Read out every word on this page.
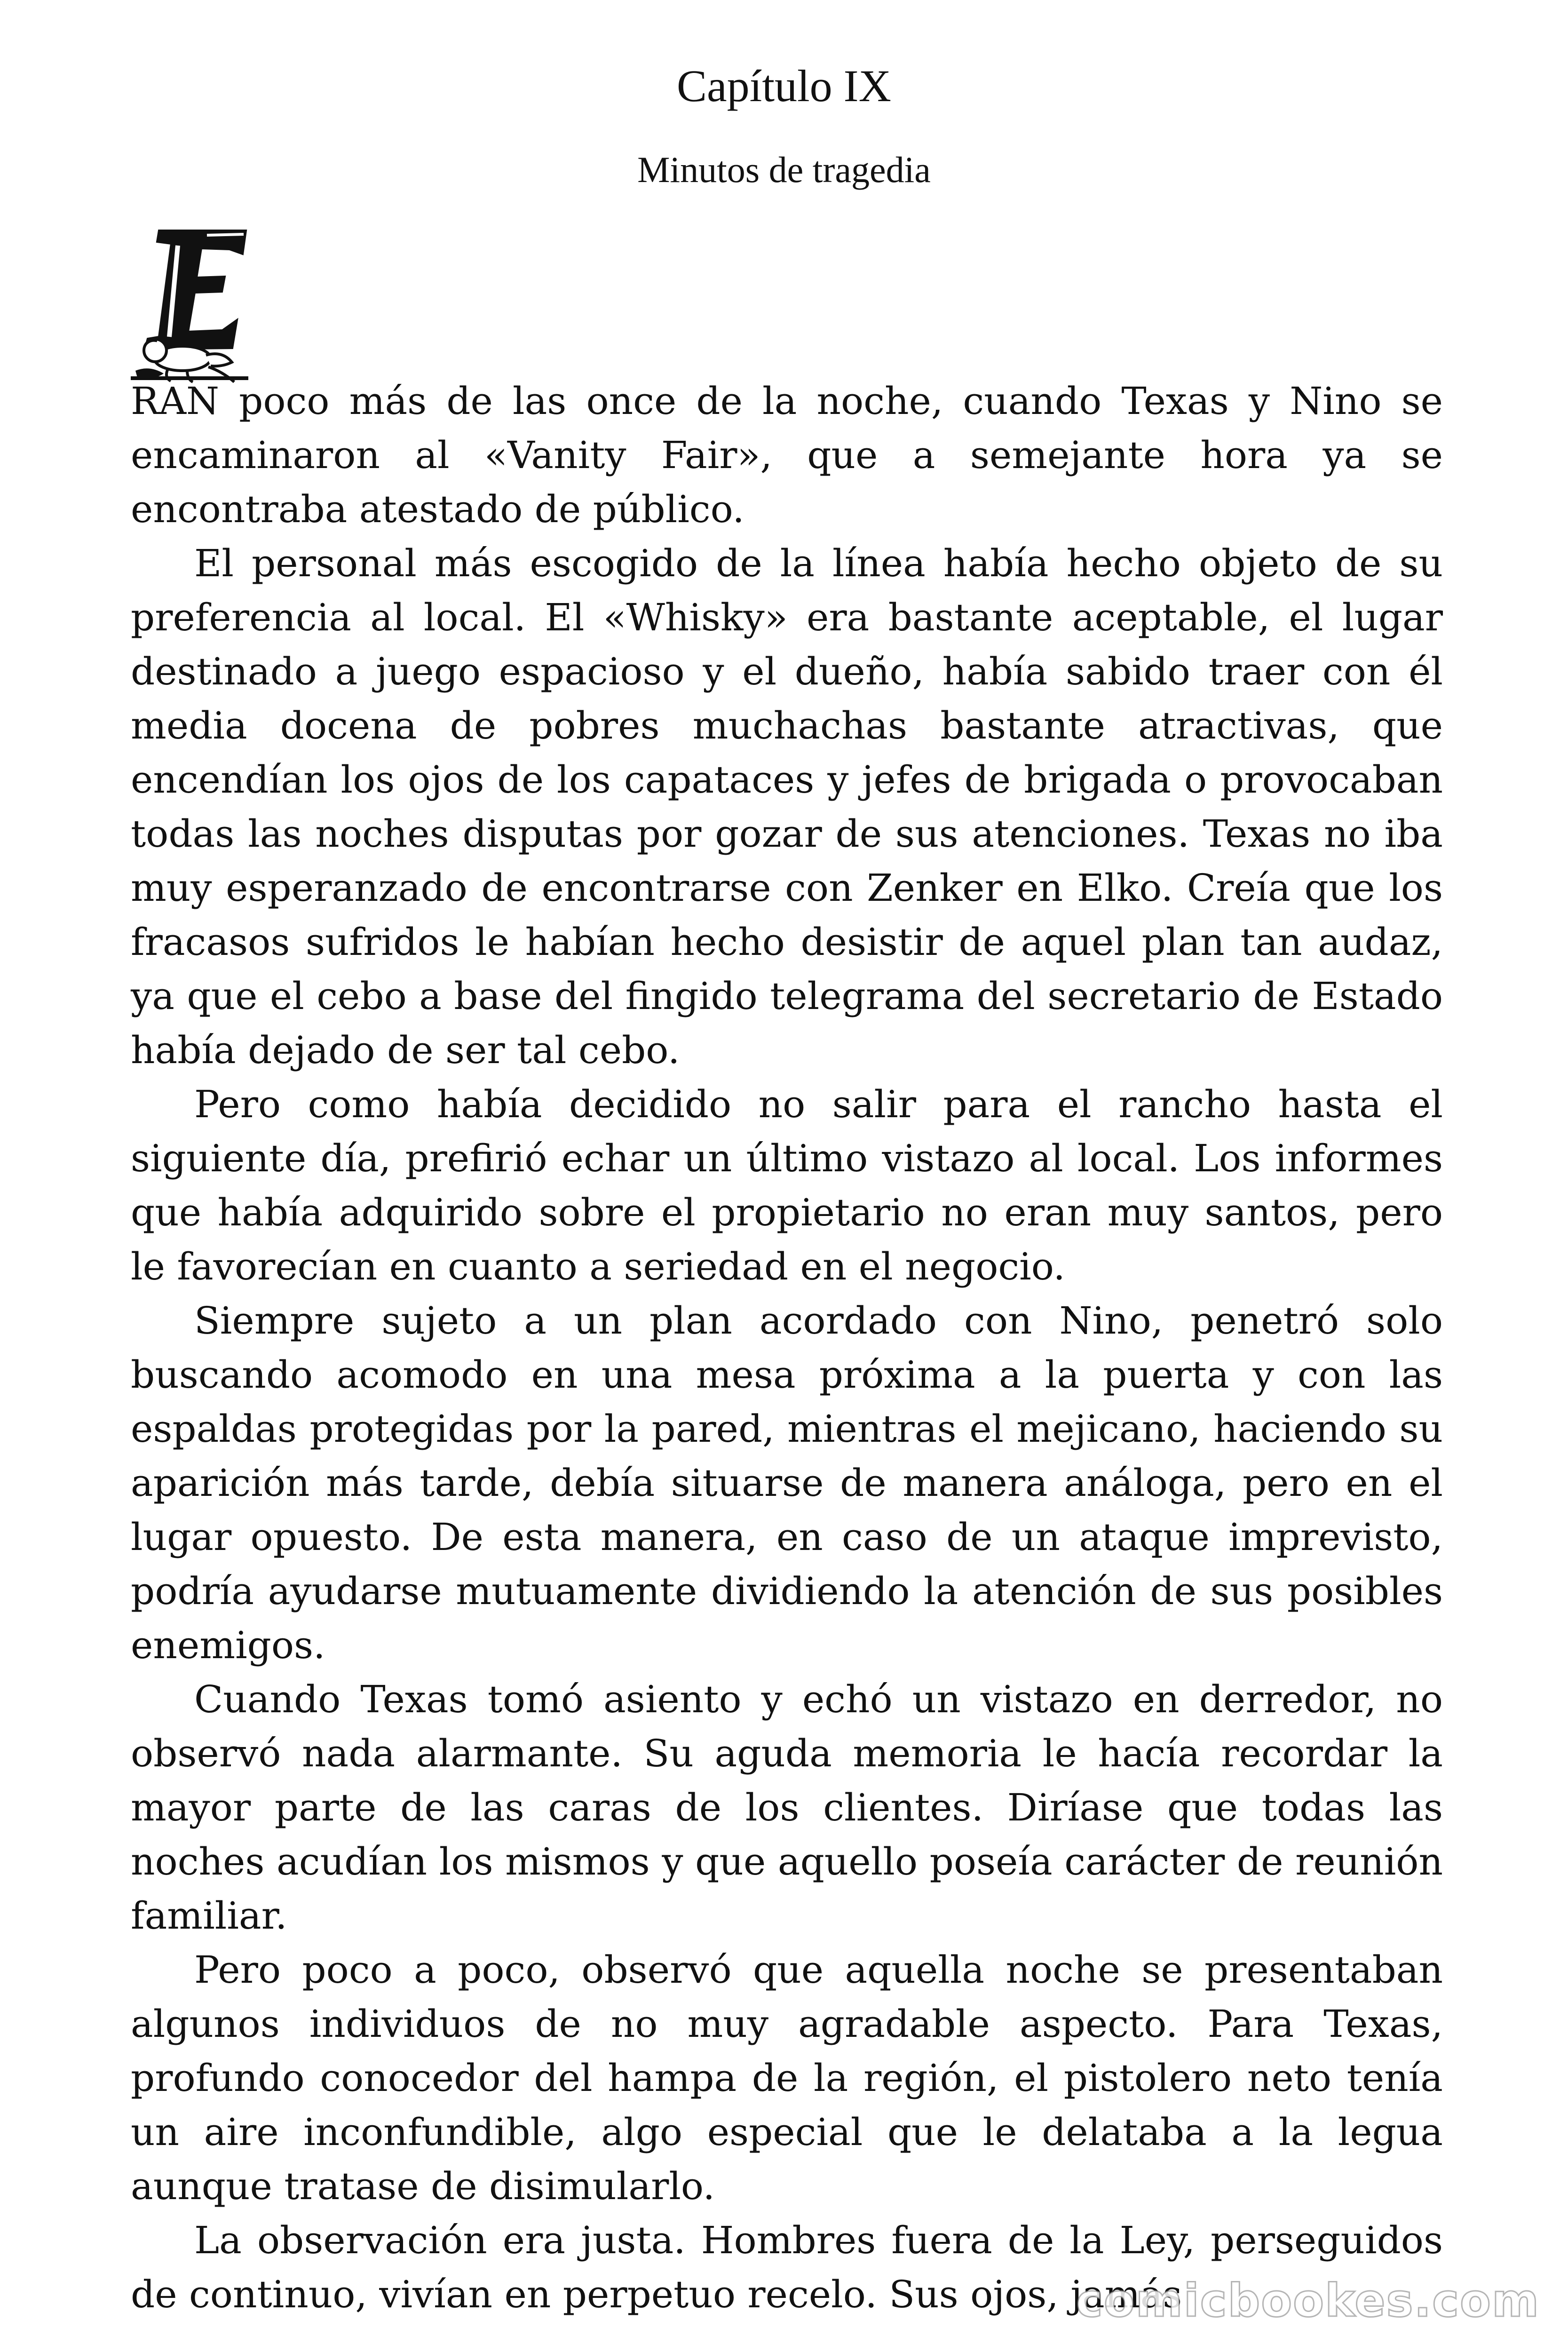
Capítulo IX
Minutos de tragedia

RAN poco más de las once de la noche, cuando Texas y Nino se encaminaron al «Vanity Fair», que a semejante hora ya se encontraba atestado de público.

El personal más escogido de la línea había hecho objeto de su preferencia al local. El «Whisky» era bastante aceptable, el lugar destinado a juego espacioso y el dueño, había sabido traer con él media docena de pobres muchachas bastante atractivas, que encendían los ojos de los capataces y jefes de brigada o provocaban todas las noches disputas por gozar de sus atenciones. Texas no iba muy esperanzado de encontrarse con Zenker en Elko. Creía que los fracasos sufridos le habían hecho desistir de aquel plan tan audaz, ya que el cebo a base del fingido telegrama del secretario de Estado había dejado de ser tal cebo.

Pero como había decidido no salir para el rancho hasta el siguiente día, prefirió echar un último vistazo al local. Los informes que había adquirido sobre el propietario no eran muy santos, pero le favorecían en cuanto a seriedad en el negocio.

Siempre sujeto a un plan acordado con Nino, penetró solo buscando acomodo en una mesa próxima a la puerta y con las espaldas protegidas por la pared, mientras el mejicano, haciendo su aparición más tarde, debía situarse de manera análoga, pero en el lugar opuesto. De esta manera, en caso de un ataque imprevisto, podría ayudarse mutuamente dividiendo la atención de sus posibles enemigos.

Cuando Texas tomó asiento y echó un vistazo en derredor, no observó nada alarmante. Su aguda memoria le hacía recordar la mayor parte de las caras de los clientes. Diríase que todas las noches acudían los mismos y que aquello poseía carácter de reunión familiar.

Pero poco a poco, observó que aquella noche se presentaban algunos individuos de no muy agradable aspecto. Para Texas, profundo conocedor del hampa de la región, el pistolero neto tenía un aire inconfundible, algo especial que le delataba a la legua aunque tratase de disimularlo.

La observación era justa. Hombres fuera de la Ley, perseguidos de continuo, vivían en perpetuo recelo. Sus ojos, jamás

comicbookes.com
